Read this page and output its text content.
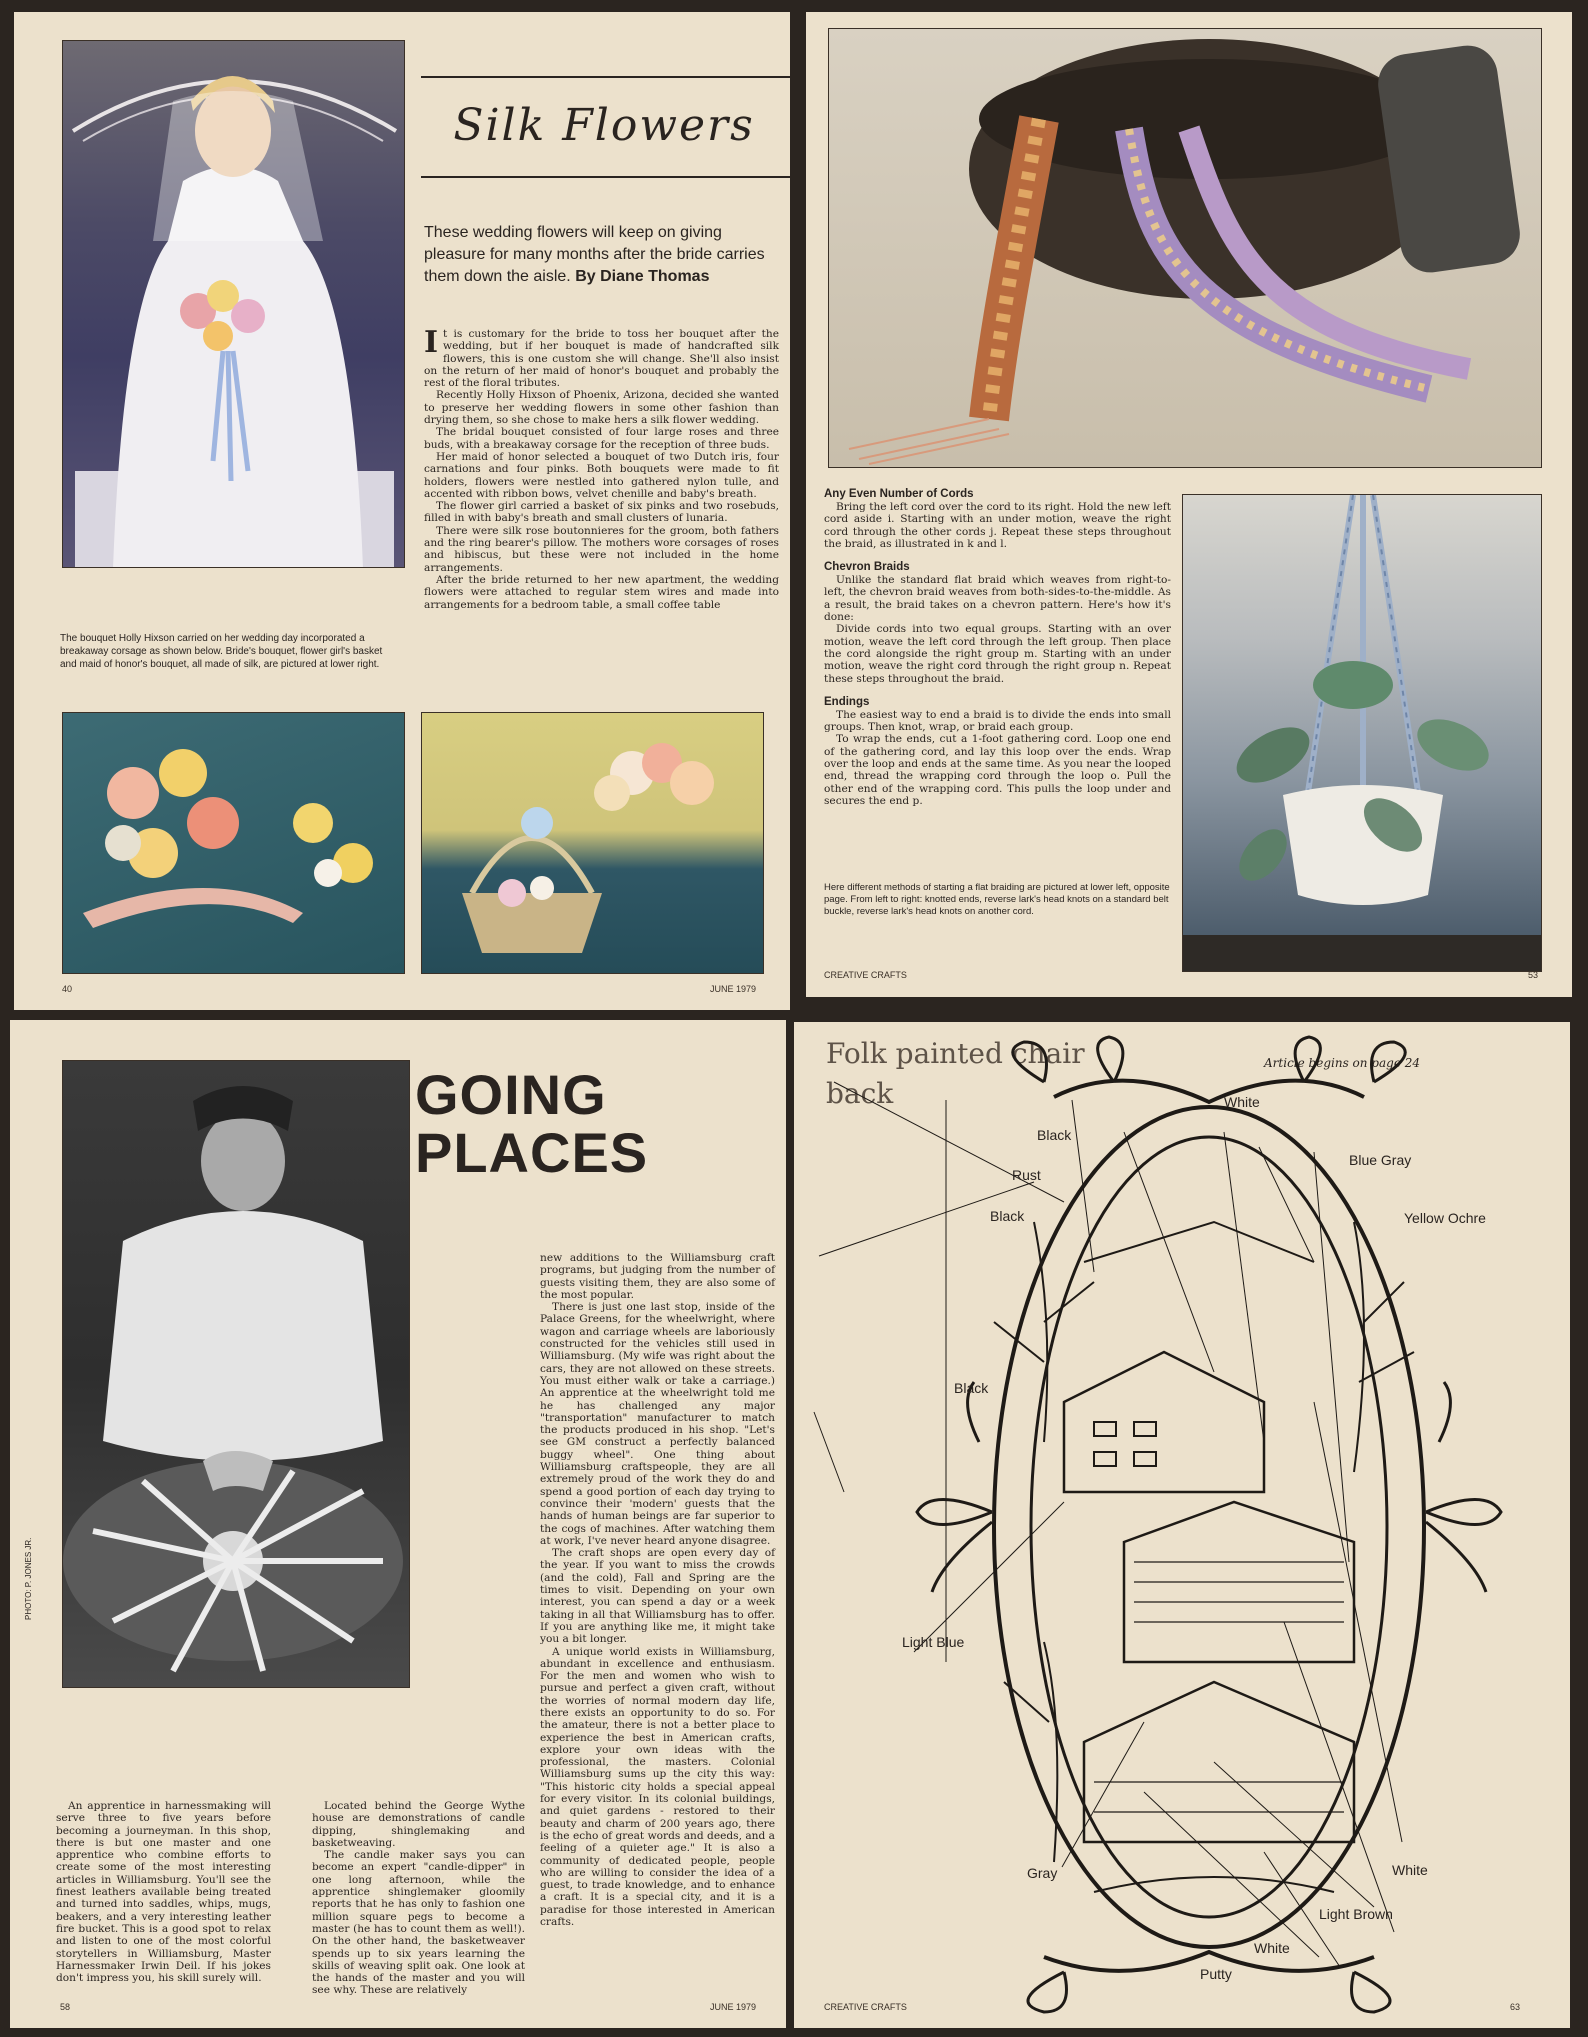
Silk Flowers
These wedding flowers will keep on giving pleasure for many months after the bride carries them down the aisle. By Diane Thomas

It is customary for the bride to toss her bouquet after the wedding, but if her bouquet is made of handcrafted silk flowers, this is one custom she will change. She'll also insist on the return of her maid of honor's bouquet and probably the rest of the floral tributes.

Recently Holly Hixson of Phoenix, Arizona, decided she wanted to preserve her wedding flowers in some other fashion than drying them, so she chose to make hers a silk flower wedding.

The bridal bouquet consisted of four large roses and three buds, with a breakaway corsage for the reception of three buds.

Her maid of honor selected a bouquet of two Dutch iris, four carnations and four pinks. Both bouquets were made to fit holders, flowers were nestled into gathered nylon tulle, and accented with ribbon bows, velvet chenille and baby's breath.

The flower girl carried a basket of six pinks and two rosebuds, filled in with baby's breath and small clusters of lunaria.

There were silk rose boutonnieres for the groom, both fathers and the ring bearer's pillow. The mothers wore corsages of roses and hibiscus, but these were not included in the home arrangements.

After the bride returned to her new apartment, the wedding flowers were attached to regular stem wires and made into arrangements for a bedroom table, a small coffee table

The bouquet Holly Hixson carried on her wedding day incorporated a breakaway corsage as shown below. Bride's bouquet, flower girl's basket and maid of honor's bouquet, all made of silk, are pictured at lower right.
40	JUNE 1979
Any Even Number of Cords

Bring the left cord over the cord to its right. Hold the new left cord aside i. Starting with an under motion, weave the right cord through the other cords j. Repeat these steps throughout the braid, as illustrated in k and l.

Chevron Braids

Unlike the standard flat braid which weaves from right-to-left, the chevron braid weaves from both-sides-to-the-middle. As a result, the braid takes on a chevron pattern. Here's how it's done:

Divide cords into two equal groups. Starting with an over motion, weave the left cord through the left group. Then place the cord alongside the right group m. Starting with an under motion, weave the right cord through the right group n. Repeat these steps throughout the braid.

Endings

The easiest way to end a braid is to divide the ends into small groups. Then knot, wrap, or braid each group.

To wrap the ends, cut a 1-foot gathering cord. Loop one end of the gathering cord, and lay this loop over the ends. Wrap over the loop and ends at the same time. As you near the looped end, thread the wrapping cord through the loop o. Pull the other end of the wrapping cord. This pulls the loop under and secures the end p.

Here different methods of starting a flat braiding are pictured at lower left, opposite page. From left to right: knotted ends, reverse lark's head knots on a standard belt buckle, reverse lark's head knots on another cord.
CREATIVE CRAFTS	53
PHOTO: P. JONES JR.
GOING
PLACES

An apprentice in harnessmaking will serve three to five years before becoming a journeyman. In this shop, there is but one master and one apprentice who combine efforts to create some of the most interesting articles in Williamsburg. You'll see the finest leathers available being treated and turned into saddles, whips, mugs, beakers, and a very interesting leather fire bucket. This is a good spot to relax and listen to one of the most colorful storytellers in Williamsburg, Master Harnessmaker Irwin Deil. If his jokes don't impress you, his skill surely will.

Located behind the George Wythe house are demonstrations of candle dipping, shinglemaking and basketweaving.

The candle maker says you can become an expert "candle-dipper" in one long afternoon, while the apprentice shinglemaker gloomily reports that he has only to fashion one million square pegs to become a master (he has to count them as well!). On the other hand, the basketweaver spends up to six years learning the skills of weaving split oak. One look at the hands of the master and you will see why. These are relatively

new additions to the Williamsburg craft programs, but judging from the number of guests visiting them, they are also some of the most popular.

There is just one last stop, inside of the Palace Greens, for the wheelwright, where wagon and carriage wheels are laboriously constructed for the vehicles still used in Williamsburg. (My wife was right about the cars, they are not allowed on these streets. You must either walk or take a carriage.) An apprentice at the wheelwright told me he has challenged any major "transportation" manufacturer to match the products produced in his shop. "Let's see GM construct a perfectly balanced buggy wheel". One thing about Williamsburg craftspeople, they are all extremely proud of the work they do and spend a good portion of each day trying to convince their 'modern' guests that the hands of human beings are far superior to the cogs of machines. After watching them at work, I've never heard anyone disagree.

The craft shops are open every day of the year. If you want to miss the crowds (and the cold), Fall and Spring are the times to visit. Depending on your own interest, you can spend a day or a week taking in all that Williamsburg has to offer. If you are anything like me, it might take you a bit longer.

A unique world exists in Williamsburg, abundant in excellence and enthusiasm. For the men and women who wish to pursue and perfect a given craft, without the worries of normal modern day life, there exists an opportunity to do so. For the amateur, there is not a better place to experience the best in American crafts, explore your own ideas with the professional, the masters. Colonial Williamsburg sums up the city this way: "This historic city holds a special appeal for every visitor. In its colonial buildings, and quiet gardens - restored to their beauty and charm of 200 years ago, there is the echo of great words and deeds, and a feeling of a quieter age." It is also a community of dedicated people, people who are willing to consider the idea of a guest, to trade knowledge, and to enhance a craft. It is a special city, and it is a paradise for those interested in American crafts.

58	JUNE 1979
Folk painted chair back
Article begins on page 24
White
Black
Blue Gray
Rust
Black	Yellow Ochre
Black
Light Blue
Gray	White
Light Brown
White
Putty
CREATIVE CRAFTS	63
